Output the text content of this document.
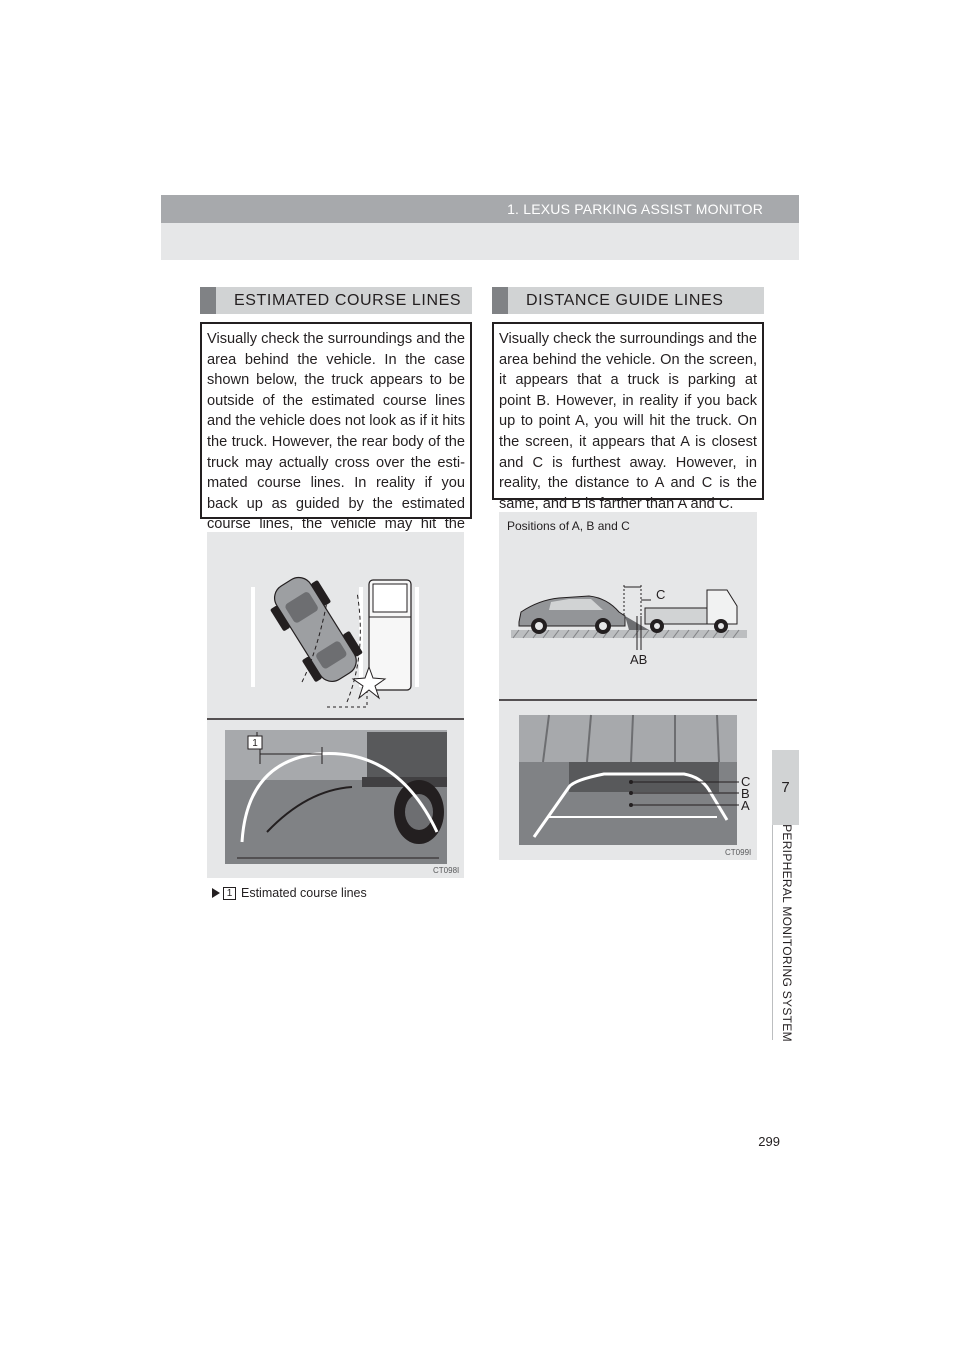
1. LEXUS PARKING ASSIST MONITOR
7
PERIPHERAL MONITORING SYSTEM
ESTIMATED COURSE LINES
Visually check the surroundings and the area behind the vehicle. In the case shown below, the truck appears to be outside of the estimated course lines and the vehicle does not look as if it hits the truck. However, the rear body of the truck may actually cross over the esti-mated course lines. In reality if you back up as guided by the estimated course lines, the vehicle may hit the
1
CT098I
1 Estimated course lines
DISTANCE GUIDE LINES
Visually check the surroundings and the area behind the vehicle. On the screen, it appears that a truck is parking at point B. However, in reality if you back up to point A, you will hit the truck. On the screen, it appears that A is closest and C is furthest away. However, in reality, the distance to A and C is the same, and B is farther than A and C.
Positions of A, B and C
C
AB
C
B
A
CT099I
299
